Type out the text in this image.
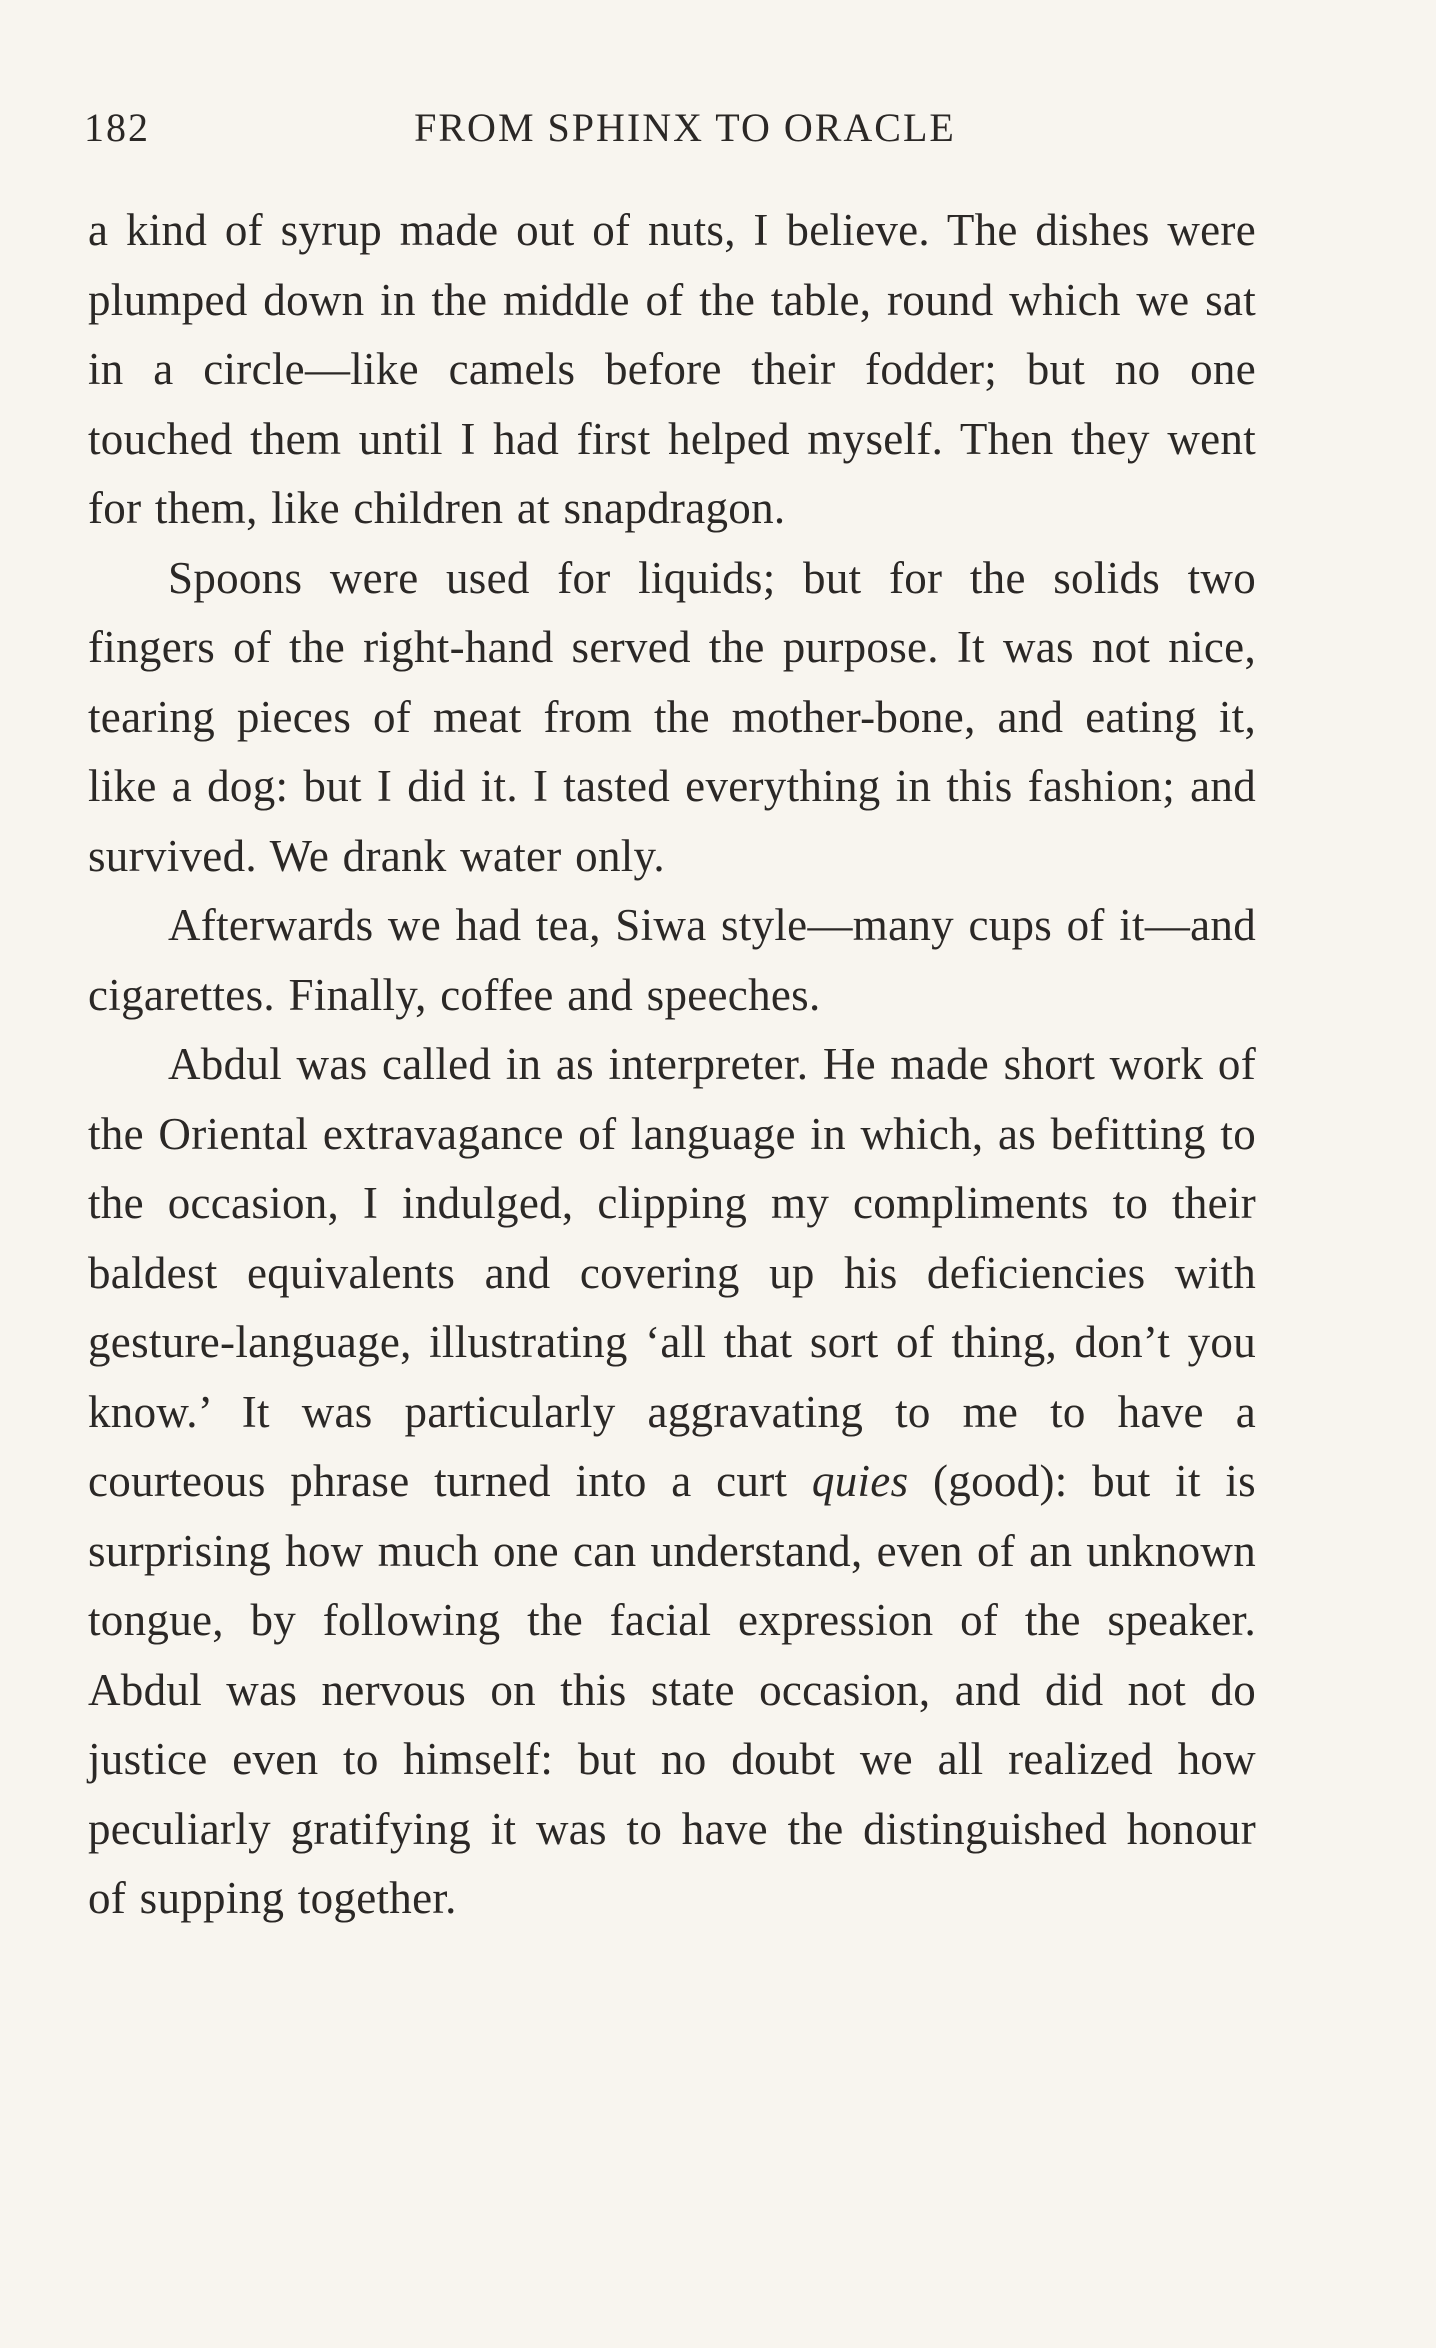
182	FROM SPHINX TO ORACLE

a kind of syrup made out of nuts, I believe. The dishes were plumped down in the middle of the table, round which we sat in a circle—like camels before their fodder; but no one touched them until I had first helped myself. Then they went for them, like children at snapdragon.

Spoons were used for liquids; but for the solids two fingers of the right-hand served the purpose. It was not nice, tearing pieces of meat from the mother-bone, and eating it, like a dog: but I did it. I tasted everything in this fashion; and survived. We drank water only.

Afterwards we had tea, Siwa style—many cups of it—and cigarettes. Finally, coffee and speeches.

Abdul was called in as interpreter. He made short work of the Oriental extravagance of language in which, as befitting to the occasion, I indulged, clipping my compliments to their baldest equivalents and covering up his deficiencies with gesture-language, illustrating ‘all that sort of thing, don’t you know.’ It was particularly aggravating to me to have a courteous phrase turned into a curt quies (good): but it is surprising how much one can understand, even of an unknown tongue, by following the facial expression of the speaker. Abdul was nervous on this state occasion, and did not do justice even to himself: but no doubt we all realized how peculiarly gratifying it was to have the distinguished honour of supping together.
